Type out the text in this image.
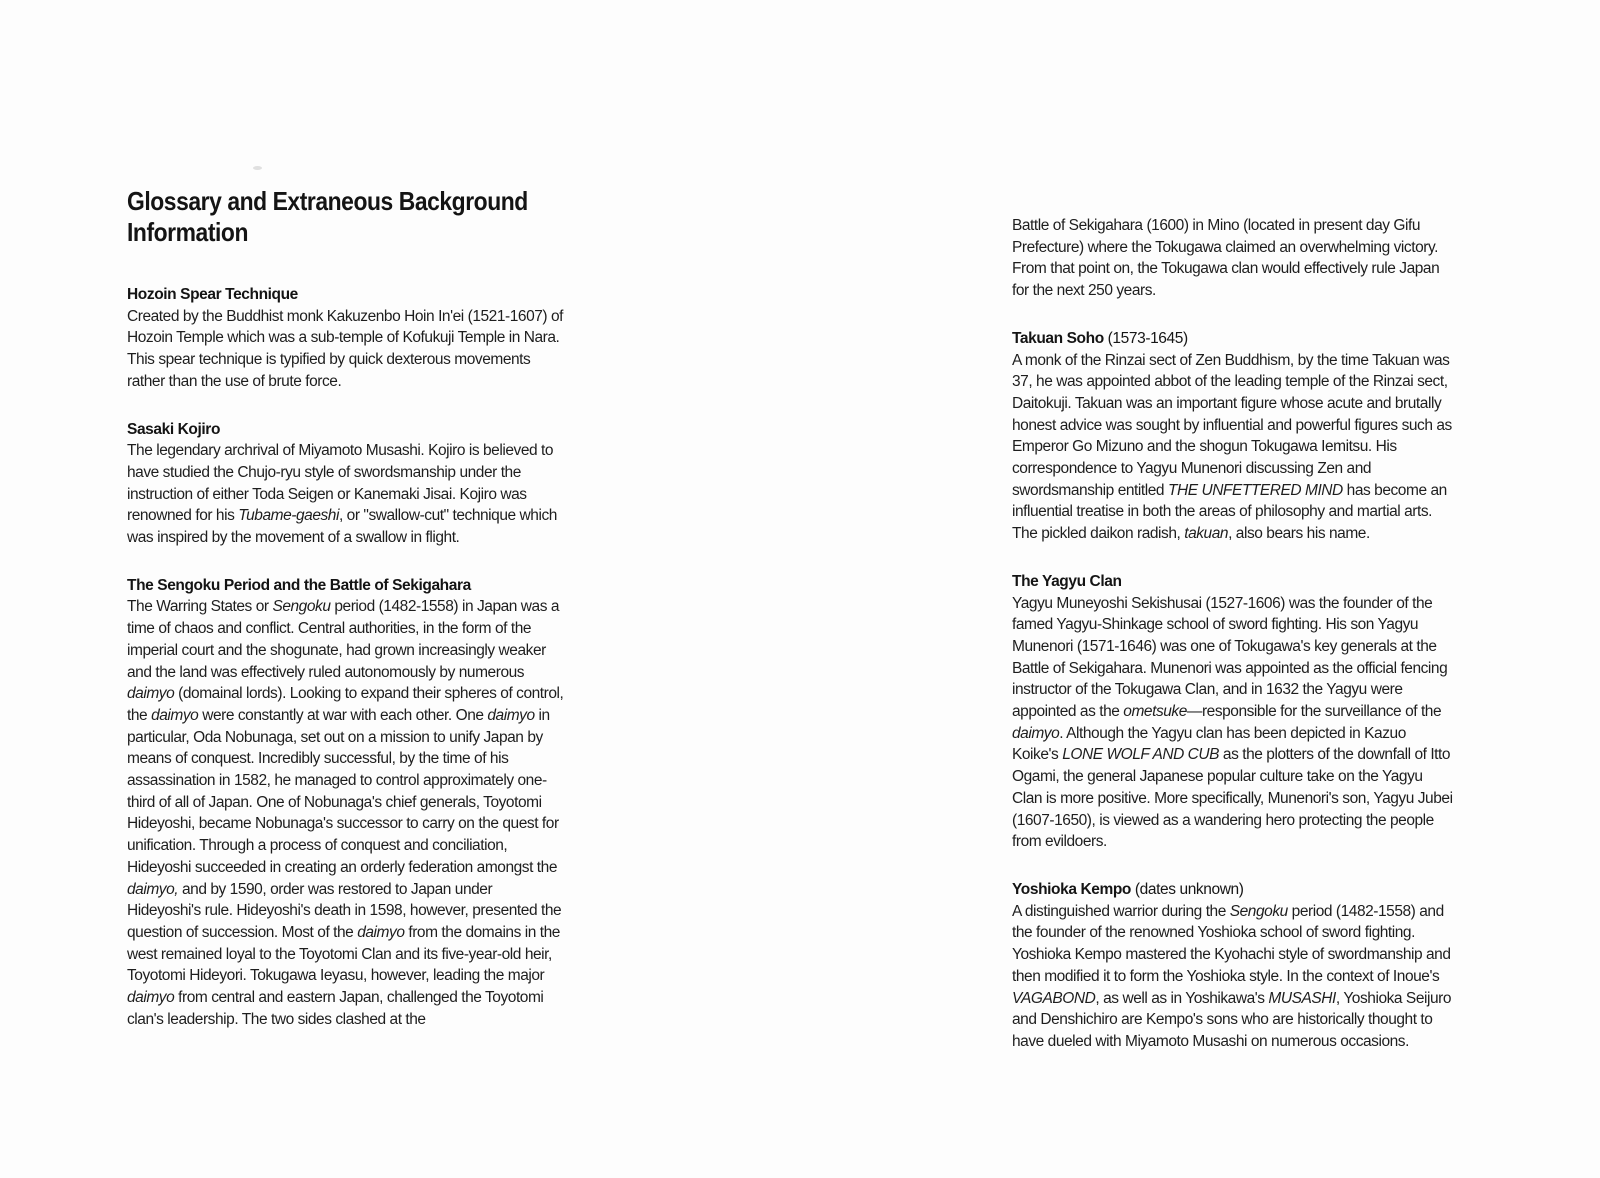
Glossary and Extraneous Background
Information
Hozoin Spear Technique

Created by the Buddhist monk Kakuzenbo Hoin In'ei (1521-1607) of Hozoin Temple which was a sub-temple of Kofukuji Temple in Nara. This spear technique is typified by quick dexterous movements rather than the use of brute force.

Sasaki Kojiro

The legendary archrival of Miyamoto Musashi. Kojiro is believed to have studied the Chujo-ryu style of swordsmanship under the instruction of either Toda Seigen or Kanemaki Jisai. Kojiro was renowned for his Tubame-gaeshi, or "swallow-cut" technique which was inspired by the movement of a swallow in flight.

The Sengoku Period and the Battle of Sekigahara

The Warring States or Sengoku period (1482-1558) in Japan was a time of chaos and conflict. Central authorities, in the form of the imperial court and the shogunate, had grown increasingly weaker and the land was effectively ruled autonomously by numerous daimyo (domainal lords). Looking to expand their spheres of control, the daimyo were constantly at war with each other. One daimyo in particular, Oda Nobunaga, set out on a mission to unify Japan by means of conquest. Incredibly successful, by the time of his assassination in 1582, he managed to control approximately one-third of all of Japan. One of Nobunaga's chief generals, Toyotomi Hideyoshi, became Nobunaga's successor to carry on the quest for unification. Through a process of conquest and conciliation, Hideyoshi succeeded in creating an orderly federation amongst the daimyo, and by 1590, order was restored to Japan under Hideyoshi's rule. Hideyoshi's death in 1598, however, presented the question of succession. Most of the daimyo from the domains in the west remained loyal to the Toyotomi Clan and its five-year-old heir, Toyotomi Hideyori. Tokugawa Ieyasu, however, leading the major daimyo from central and eastern Japan, challenged the Toyotomi clan's leadership. The two sides clashed at the

Battle of Sekigahara (1600) in Mino (located in present day Gifu Prefecture) where the Tokugawa claimed an overwhelming victory. From that point on, the Tokugawa clan would effectively rule Japan for the next 250 years.

Takuan Soho (1573-1645)

A monk of the Rinzai sect of Zen Buddhism, by the time Takuan was 37, he was appointed abbot of the leading temple of the Rinzai sect, Daitokuji. Takuan was an important figure whose acute and brutally honest advice was sought by influential and powerful figures such as Emperor Go Mizuno and the shogun Tokugawa Iemitsu. His correspondence to Yagyu Munenori discussing Zen and swordsmanship entitled THE UNFETTERED MIND has become an influential treatise in both the areas of philosophy and martial arts. The pickled daikon radish, takuan, also bears his name.

The Yagyu Clan

Yagyu Muneyoshi Sekishusai (1527-1606) was the founder of the famed Yagyu-Shinkage school of sword fighting. His son Yagyu Munenori (1571-1646) was one of Tokugawa's key generals at the Battle of Sekigahara. Munenori was appointed as the official fencing instructor of the Tokugawa Clan, and in 1632 the Yagyu were appointed as the ometsuke—responsible for the surveillance of the daimyo. Although the Yagyu clan has been depicted in Kazuo Koike's LONE WOLF AND CUB as the plotters of the downfall of Itto Ogami, the general Japanese popular culture take on the Yagyu Clan is more positive. More specifically, Munenori's son, Yagyu Jubei (1607-1650), is viewed as a wandering hero protecting the people from evildoers.

Yoshioka Kempo (dates unknown)

A distinguished warrior during the Sengoku period (1482-1558) and the founder of the renowned Yoshioka school of sword fighting. Yoshioka Kempo mastered the Kyohachi style of swordmanship and then modified it to form the Yoshioka style. In the context of Inoue's VAGABOND, as well as in Yoshikawa's MUSASHI, Yoshioka Seijuro and Denshichiro are Kempo's sons who are historically thought to have dueled with Miyamoto Musashi on numerous occasions.
